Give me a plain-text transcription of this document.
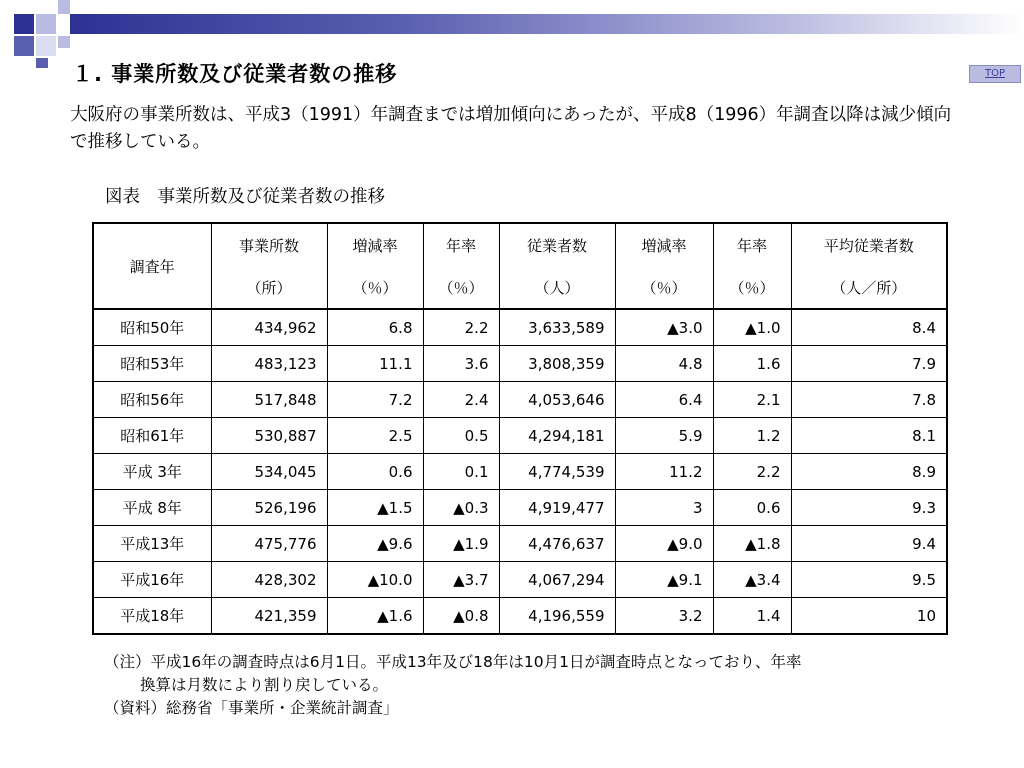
１. 事業所数及び従業者数の推移	TOP
大阪府の事業所数は、平成3（1991）年調査までは増加傾向にあったが、平成8（1996）年調査以降は減少傾向で推移している。
図表　事業所数及び従業者数の推移
調査年	事業所数	増減率	年率	従業者数	増減率	年率	平均従業者数
	（所）	（％）	（％）	（人）	（％）	（％）	（人／所）
昭和50年	434,962	6.8	2.2	3,633,589	▲3.0	▲1.0	8.4
昭和53年	483,123	11.1	3.6	3,808,359	4.8	1.6	7.9
昭和56年	517,848	7.2	2.4	4,053,646	6.4	2.1	7.8
昭和61年	530,887	2.5	0.5	4,294,181	5.9	1.2	8.1
平成 3年	534,045	0.6	0.1	4,774,539	11.2	2.2	8.9
平成 8年	526,196	▲1.5	▲0.3	4,919,477	3	0.6	9.3
平成13年	475,776	▲9.6	▲1.9	4,476,637	▲9.0	▲1.8	9.4
平成16年	428,302	▲10.0	▲3.7	4,067,294	▲9.1	▲3.4	9.5
平成18年	421,359	▲1.6	▲0.8	4,196,559	3.2	1.4	10
（注）平成16年の調査時点は6月1日。平成13年及び18年は10月1日が調査時点となっており、年率
換算は月数により割り戻している。
（資料）総務省「事業所・企業統計調査」
